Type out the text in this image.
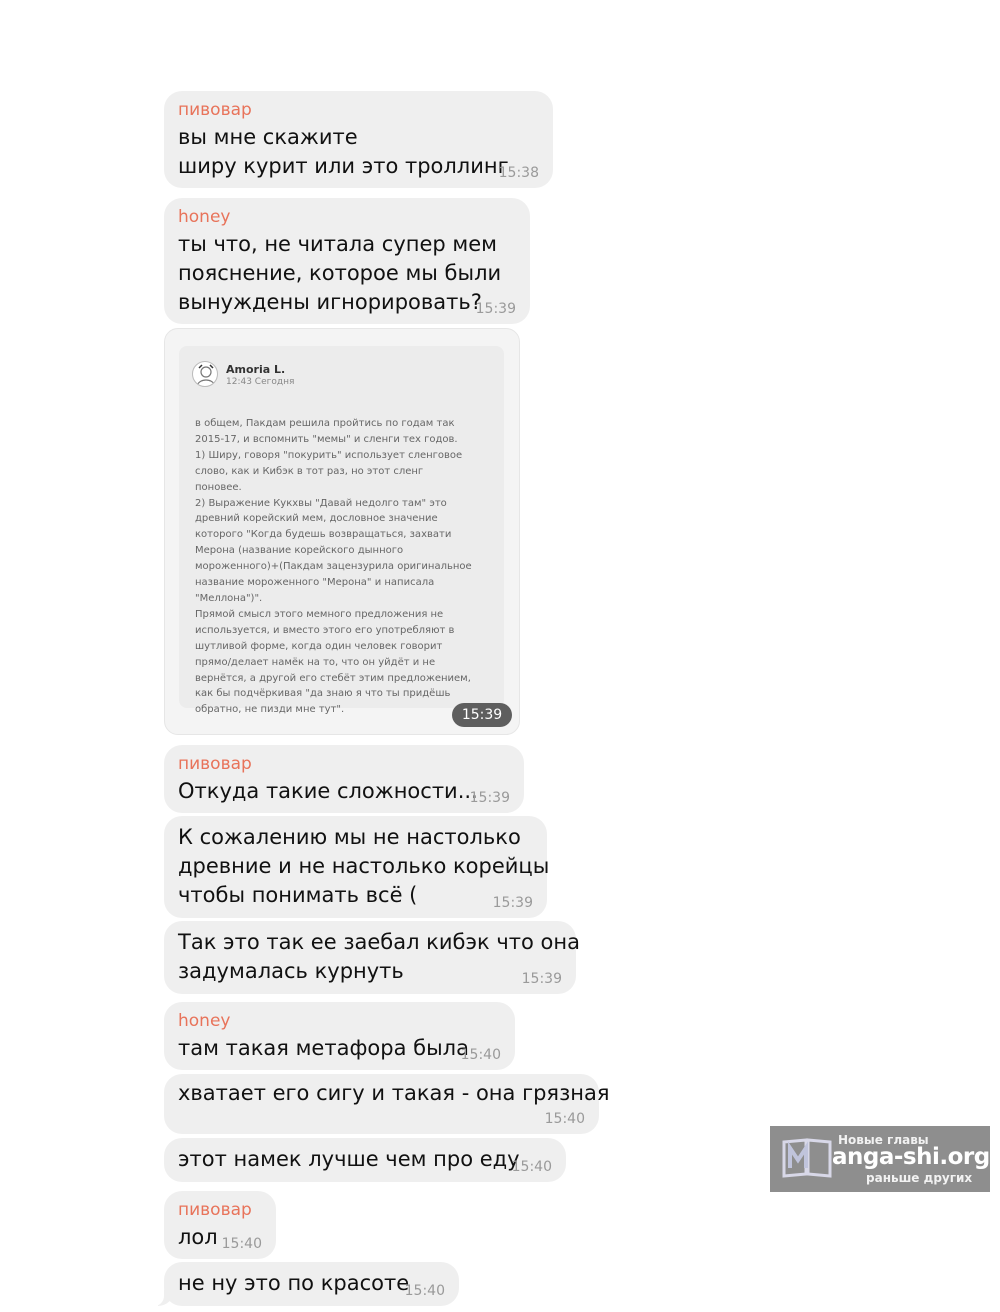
пивовар
вы мне скажите
ширу курит или это троллинг
15:38
honey
ты что, не читала супер мем
пояснение, которое мы были
вынуждены игнорировать?
15:39
Amoria L.
12:43 Сегодня
в общем, Пакдам решила пройтись по годам так
2015-17, и вспомнить "мемы" и сленги тех годов.
1) Ширу, говоря "покурить" использует сленговое
слово, как и Кибэк в тот раз, но этот сленг
поновее.
2) Выражение Кукхвы "Давай недолго там" это
древний корейский мем, дословное значение
которого "Когда будешь возвращаться, захвати
Мерона (название корейского дынного
мороженного)+(Пакдам зацензурила оригинальное
название мороженного "Мерона" и написала
"Меллона")".
Прямой смысл этого мемного предложения не
используется, и вместо этого его употребляют в
шутливой форме, когда один человек говорит
прямо/делает намёк на то, что он уйдёт и не
вернётся, а другой его стебёт этим предложением,
как бы подчёркивая "да знаю я что ты придёшь
обратно, не пизди мне тут".	15:39
пивовар
Откуда такие сложности...
15:39
К сожалению мы не настолько
древние и не настолько корейцы
чтобы понимать всё (	15:39
Так это так ее заебал кибэк что она
задумалась курнуть	15:39
honey
там такая метафора была
15:40
хватает его сигу и такая - она грязная
15:40
этот намек лучше чем про еду
15:40
пивовар
лол 15:40
не ну это по красоте
15:40
Новые главы
anga-shi.org
раньше других
